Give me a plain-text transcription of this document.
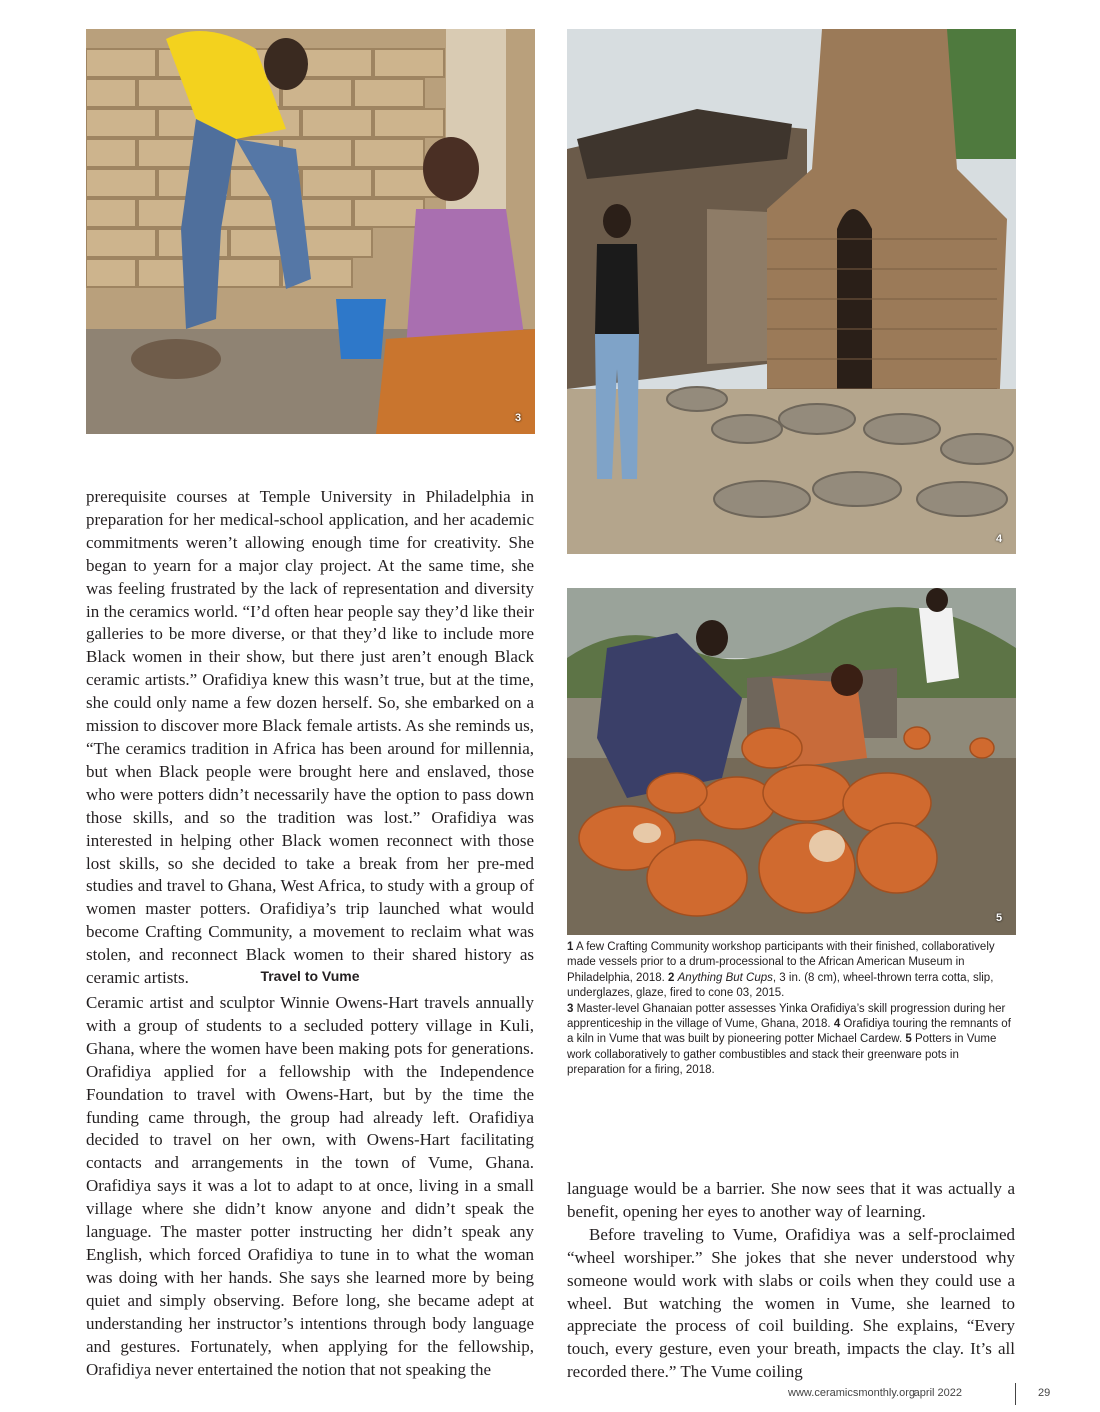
3
4
5

prerequisite courses at Temple University in Philadelphia in preparation for her medical-school application, and her academic commitments weren’t allowing enough time for creativity. She began to yearn for a major clay project. At the same time, she was feeling frustrated by the lack of representation and diversity in the ceramics world. “I’d often hear people say they’d like their galleries to be more diverse, or that they’d like to include more Black women in their show, but there just aren’t enough Black ceramic artists.” Orafidiya knew this wasn’t true, but at the time, she could only name a few dozen herself. So, she embarked on a mission to discover more Black female artists. As she reminds us, “The ceramics tradition in Africa has been around for millennia, but when Black people were brought here and enslaved, those who were potters didn’t necessarily have the option to pass down those skills, and so the tradition was lost.” Orafidiya was interested in helping other Black women reconnect with those lost skills, so she decided to take a break from her pre-med studies and travel to Ghana, West Africa, to study with a group of women master potters. Orafidiya’s trip launched what would become Crafting Community, a movement to reclaim what was stolen, and reconnect Black women to their shared history as ceramic artists.	Travel to Vume

Ceramic artist and sculptor Winnie Owens-Hart travels annually with a group of students to a secluded pottery village in Kuli, Ghana, where the women have been making pots for generations. Orafidiya applied for a fellowship with the Independence Foundation to travel with Owens-Hart, but by the time the funding came through, the group had already left. Orafidiya decided to travel on her own, with Owens-Hart facilitating contacts and arrangements in the town of Vume, Ghana. Orafidiya says it was a lot to adapt to at once, living in a small village where she didn’t know anyone and didn’t speak the language. The master potter instructing her didn’t speak any English, which forced Orafidiya to tune in to what the woman was doing with her hands. She says she learned more by being quiet and simply observing. Before long, she became adept at understanding her instructor’s intentions through body language and gestures. Fortunately, when applying for the fellowship, Orafidiya never entertained the notion that not speaking the

language would be a barrier. She now sees that it was actually a benefit, opening her eyes to another way of learning.

Before traveling to Vume, Orafidiya was a self-proclaimed “wheel worshiper.” She jokes that she never understood why someone would work with slabs or coils when they could use a wheel. But watching the women in Vume, she learned to appreciate the process of coil building. She explains, “Every touch, every gesture, even your breath, impacts the clay. It’s all recorded there.” The Vume coiling

1 A few Crafting Community workshop participants with their finished, collaboratively made vessels prior to a drum-processional to the African American Museum in Philadelphia, 2018. 2 Anything But Cups, 3 in. (8 cm), wheel-thrown terra cotta, slip, underglazes, glaze, fired to cone 03, 2015.
3 Master-level Ghanaian potter assesses Yinka Orafidiya’s skill progression during her apprenticeship in the village of Vume, Ghana, 2018. 4 Orafidiya touring the remnants of a kiln in Vume that was built by pioneering potter Michael Cardew. 5 Potters in Vume work collaboratively to gather combustibles and stack their greenware pots in preparation for a firing, 2018.
www.ceramicsmonthly.org
april 2022	29
